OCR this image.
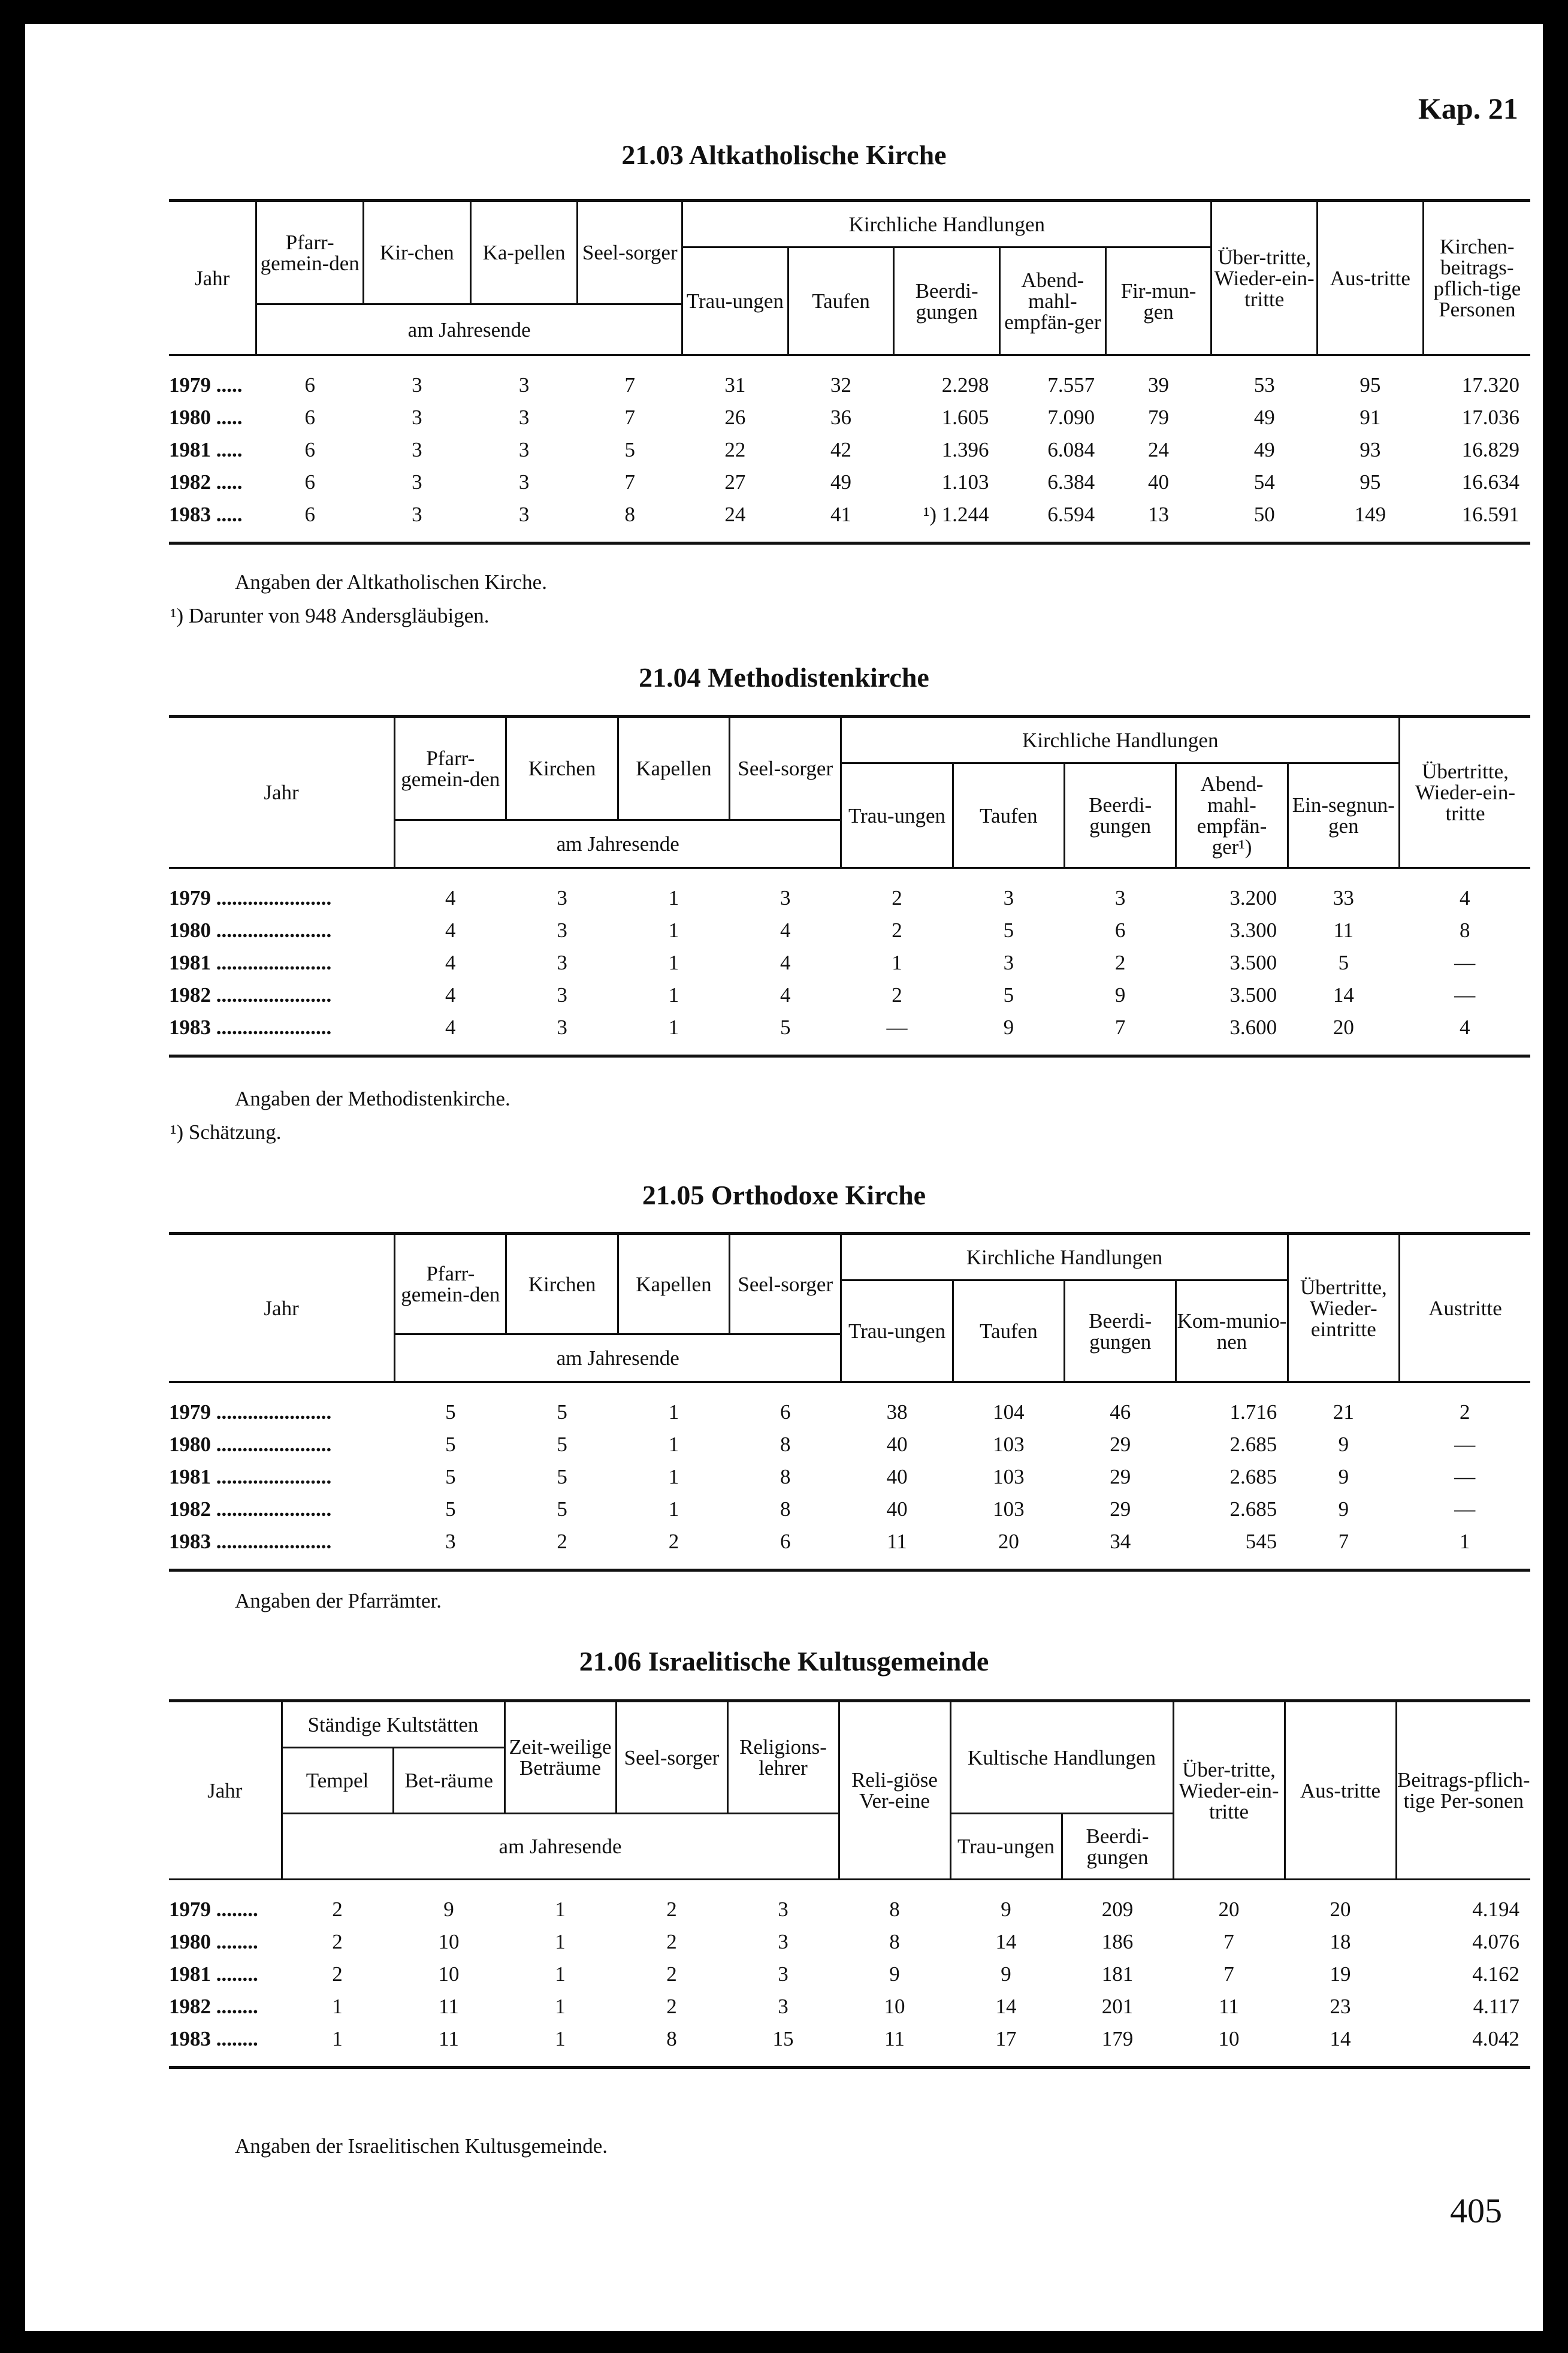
Kap. 21
21.03 Altkatholische Kirche
Jahr	Pfarr-gemein-den	Kir-chen	Ka-pellen	Seel-sorger	Kirchliche Handlungen					Über-tritte, Wieder-ein-tritte	Aus-tritte	Kirchen-beitrags-pflich-tige Personen
					Trau-ungen	Taufen	Beerdi-gungen	Abend-mahl-empfän-ger	Fir-mun-gen			
	am Jahresende											

1979 .....	6	3	3	7	31	32	2.298	7.557	39	53	95	17.320
1980 .....	6	3	3	7	26	36	1.605	7.090	79	49	91	17.036
1981 .....	6	3	3	5	22	42	1.396	6.084	24	49	93	16.829
1982 .....	6	3	3	7	27	49	1.103	6.384	40	54	95	16.634
1983 .....	6	3	3	8	24	41	¹) 1.244	6.594	13	50	149	16.591

Angaben der Altkatholischen Kirche.
¹) Darunter von 948 Andersgläubigen.
21.04 Methodistenkirche
Jahr	Pfarr-gemein-den	Kirchen	Kapellen	Seel-sorger	Kirchliche Handlungen					Übertritte, Wieder-ein-tritte
					Trau-ungen	Taufen	Beerdi-gungen	Abend-mahl-empfän-ger¹)	Ein-segnun-gen	
	am Jahresende									

1979 ......................	4	3	1	3	2	3	3	3.200	33	4
1980 ......................	4	3	1	4	2	5	6	3.300	11	8
1981 ......................	4	3	1	4	1	3	2	3.500	5	—
1982 ......................	4	3	1	4	2	5	9	3.500	14	—
1983 ......................	4	3	1	5	—	9	7	3.600	20	4

Angaben der Methodistenkirche.
¹) Schätzung.
21.05 Orthodoxe Kirche
Jahr	Pfarr-gemein-den	Kirchen	Kapellen	Seel-sorger	Kirchliche Handlungen				Übertritte, Wieder-eintritte	Austritte
					Trau-ungen	Taufen	Beerdi-gungen	Kom-munio-nen		
	am Jahresende									

1979 ......................	5	5	1	6	38	104	46	1.716	21	2
1980 ......................	5	5	1	8	40	103	29	2.685	9	—
1981 ......................	5	5	1	8	40	103	29	2.685	9	—
1982 ......................	5	5	1	8	40	103	29	2.685	9	—
1983 ......................	3	2	2	6	11	20	34	545	7	1

Angaben der Pfarrämter.
21.06 Israelitische Kultusgemeinde
Jahr	Ständige Kultstätten		Zeit-weilige Beträume	Seel-sorger	Religions-lehrer	Reli-giöse Ver-eine	Kultische Handlungen		Über-tritte, Wieder-ein-tritte	Aus-tritte	Beitrags-pflich-tige Per-sonen
	Tempel	Bet-räume									
	am Jahresende						Trau-ungen	Beerdi-gungen			

1979 ........	2	9	1	2	3	8	9	209	20	20	4.194
1980 ........	2	10	1	2	3	8	14	186	7	18	4.076
1981 ........	2	10	1	2	3	9	9	181	7	19	4.162
1982 ........	1	11	1	2	3	10	14	201	11	23	4.117
1983 ........	1	11	1	8	15	11	17	179	10	14	4.042

Angaben der Israelitischen Kultusgemeinde.
405
